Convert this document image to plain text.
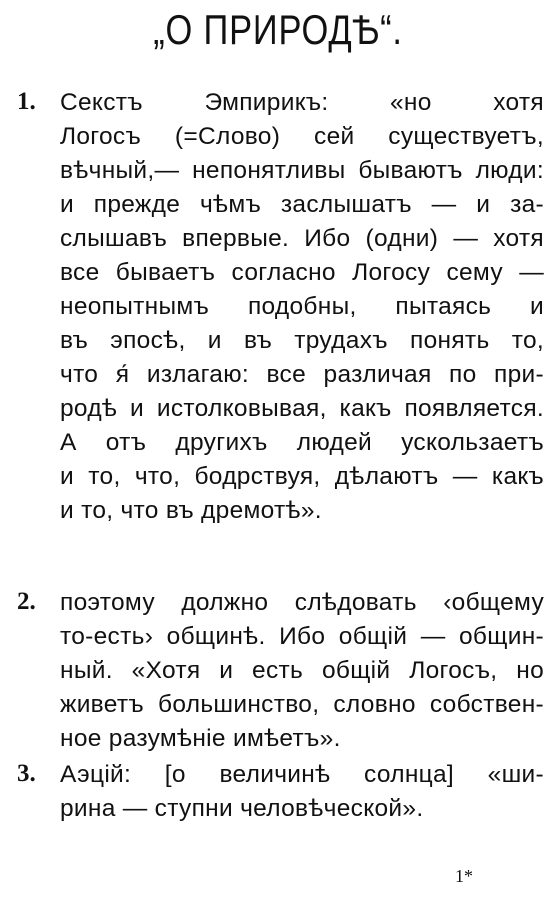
„О ПРИРОДѢ“.
1. Секстъ Эмпирикъ: «но хотя
Логосъ (=Слово) сей существуетъ,
вѣчный,— непонятливы бываютъ люди:
и прежде чѣмъ заслышатъ — и за-
слышавъ впервые. Ибо (одни) — хотя
все бываетъ согласно Логосу сему —
неопытнымъ подобны, пытаясь и
въ эпосѣ, и въ трудахъ понять то,
что я́ излагаю: все различая по при-
родѣ и истолковывая, какъ появляется.
А отъ другихъ людей ускользаетъ
и то, что, бодрствуя, дѣлаютъ — какъ
и то, что въ дремотѣ».
2. поэтому должно слѣдовать ‹общему
то-есть› общинѣ. Ибо общій — общин-
ный. «Хотя и есть общій Логосъ, но
живетъ большинство, словно собствен-
ное разумѣніе имѣетъ».
3. Аэцій: [о величинѣ солнца] «ши-
рина — ступни человѣческой».
1*
